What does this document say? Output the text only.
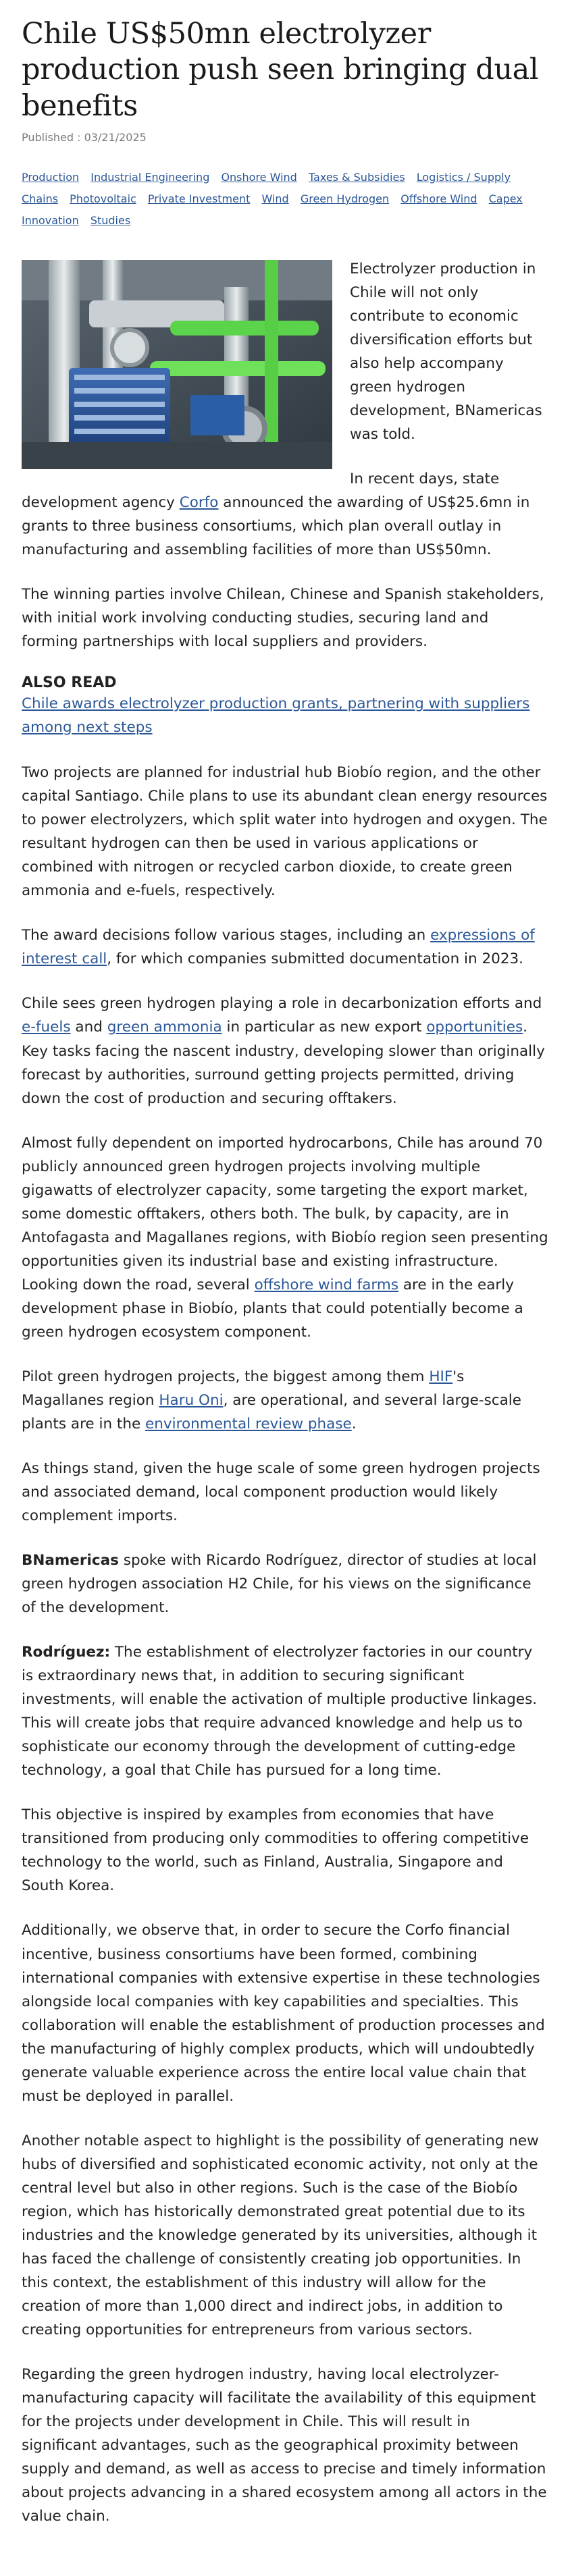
Chile US$50mn electrolyzer production push seen bringing dual benefits
Published : 03/21/2025
Production Industrial Engineering Onshore Wind Taxes & Subsidies Logistics / Supply Chains Photovoltaic Private Investment Wind Green Hydrogen Offshore Wind Capex Innovation Studies

Electrolyzer production in Chile will not only contribute to economic diversification efforts but also help accompany green hydrogen development, BNamericas was told.

In recent days, state development agency Corfo announced the awarding of US$25.6mn in grants to three business consortiums, which plan overall outlay in manufacturing and assembling facilities of more than US$50mn.

The winning parties involve Chilean, Chinese and Spanish stakeholders, with initial work involving conducting studies, securing land and forming partnerships with local suppliers and providers.

ALSO READ
Chile awards electrolyzer production grants, partnering with suppliers among next steps

Two projects are planned for industrial hub Biobío region, and the other capital Santiago. Chile plans to use its abundant clean energy resources to power electrolyzers, which split water into hydrogen and oxygen. The resultant hydrogen can then be used in various applications or combined with nitrogen or recycled carbon dioxide, to create green ammonia and e-fuels, respectively.

The award decisions follow various stages, including an expressions of interest call, for which companies submitted documentation in 2023.

Chile sees green hydrogen playing a role in decarbonization efforts and e-fuels and green ammonia in particular as new export opportunities. Key tasks facing the nascent industry, developing slower than originally forecast by authorities, surround getting projects permitted, driving down the cost of production and securing offtakers.

Almost fully dependent on imported hydrocarbons, Chile has around 70 publicly announced green hydrogen projects involving multiple gigawatts of electrolyzer capacity, some targeting the export market, some domestic offtakers, others both. The bulk, by capacity, are in Antofagasta and Magallanes regions, with Biobío region seen presenting opportunities given its industrial base and existing infrastructure. Looking down the road, several offshore wind farms are in the early development phase in Biobío, plants that could potentially become a green hydrogen ecosystem component.

Pilot green hydrogen projects, the biggest among them HIF's Magallanes region Haru Oni, are operational, and several large-scale plants are in the environmental review phase.

As things stand, given the huge scale of some green hydrogen projects and associated demand, local component production would likely complement imports.

BNamericas spoke with Ricardo Rodríguez, director of studies at local green hydrogen association H2 Chile, for his views on the significance of the development.

Rodríguez: The establishment of electrolyzer factories in our country is extraordinary news that, in addition to securing significant investments, will enable the activation of multiple productive linkages. This will create jobs that require advanced knowledge and help us to sophisticate our economy through the development of cutting-edge technology, a goal that Chile has pursued for a long time.

This objective is inspired by examples from economies that have transitioned from producing only commodities to offering competitive technology to the world, such as Finland, Australia, Singapore and South Korea.

Additionally, we observe that, in order to secure the Corfo financial incentive, business consortiums have been formed, combining international companies with extensive expertise in these technologies alongside local companies with key capabilities and specialties. This collaboration will enable the establishment of production processes and the manufacturing of highly complex products, which will undoubtedly generate valuable experience across the entire local value chain that must be deployed in parallel.

Another notable aspect to highlight is the possibility of generating new hubs of diversified and sophisticated economic activity, not only at the central level but also in other regions. Such is the case of the Biobío region, which has historically demonstrated great potential due to its industries and the knowledge generated by its universities, although it has faced the challenge of consistently creating job opportunities. In this context, the establishment of this industry will allow for the creation of more than 1,000 direct and indirect jobs, in addition to creating opportunities for entrepreneurs from various sectors.

Regarding the green hydrogen industry, having local electrolyzer-manufacturing capacity will facilitate the availability of this equipment for the projects under development in Chile. This will result in significant advantages, such as the geographical proximity between supply and demand, as well as access to precise and timely information about projects advancing in a shared ecosystem among all actors in the value chain.
